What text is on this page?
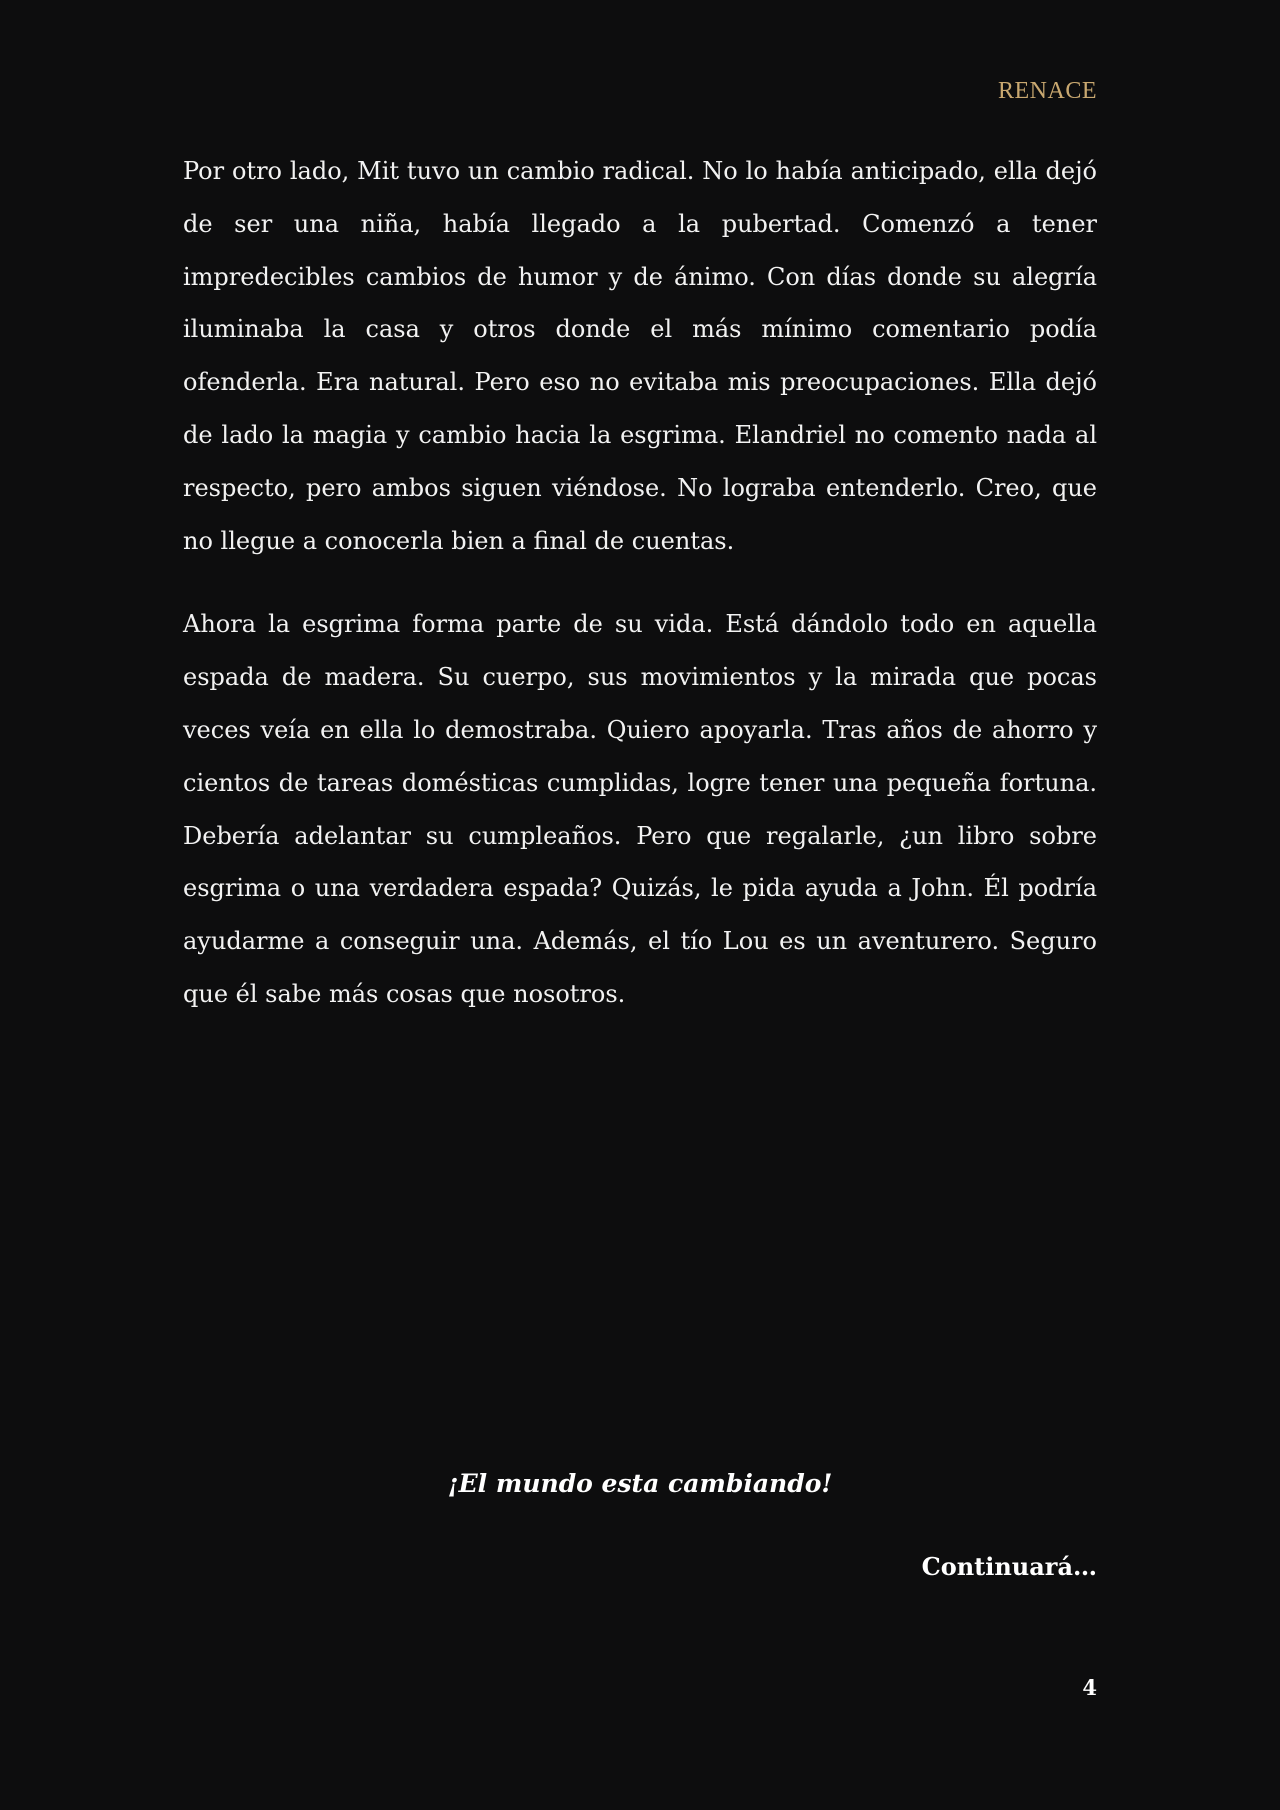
RENACE

Por otro lado, Mit tuvo un cambio radical. No lo había anticipado, ella dejó de ser una niña, había llegado a la pubertad. Comenzó a tener impredecibles cambios de humor y de ánimo. Con días donde su alegría iluminaba la casa y otros donde el más mínimo comentario podía ofenderla. Era natural. Pero eso no evitaba mis preocupaciones. Ella dejó de lado la magia y cambio hacia la esgrima. Elandriel no comento nada al respecto, pero ambos siguen viéndose. No lograba entenderlo. Creo, que no llegue a conocerla bien a final de cuentas.

Ahora la esgrima forma parte de su vida. Está dándolo todo en aquella espada de madera. Su cuerpo, sus movimientos y la mirada que pocas veces veía en ella lo demostraba. Quiero apoyarla. Tras años de ahorro y cientos de tareas domésticas cumplidas, logre tener una pequeña fortuna. Debería adelantar su cumpleaños. Pero que regalarle, ¿un libro sobre esgrima o una verdadera espada? Quizás, le pida ayuda a John. Él podría ayudarme a conseguir una. Además, el tío Lou es un aventurero. Seguro que él sabe más cosas que nosotros.

¡El mundo esta cambiando!
Continuará…
4
